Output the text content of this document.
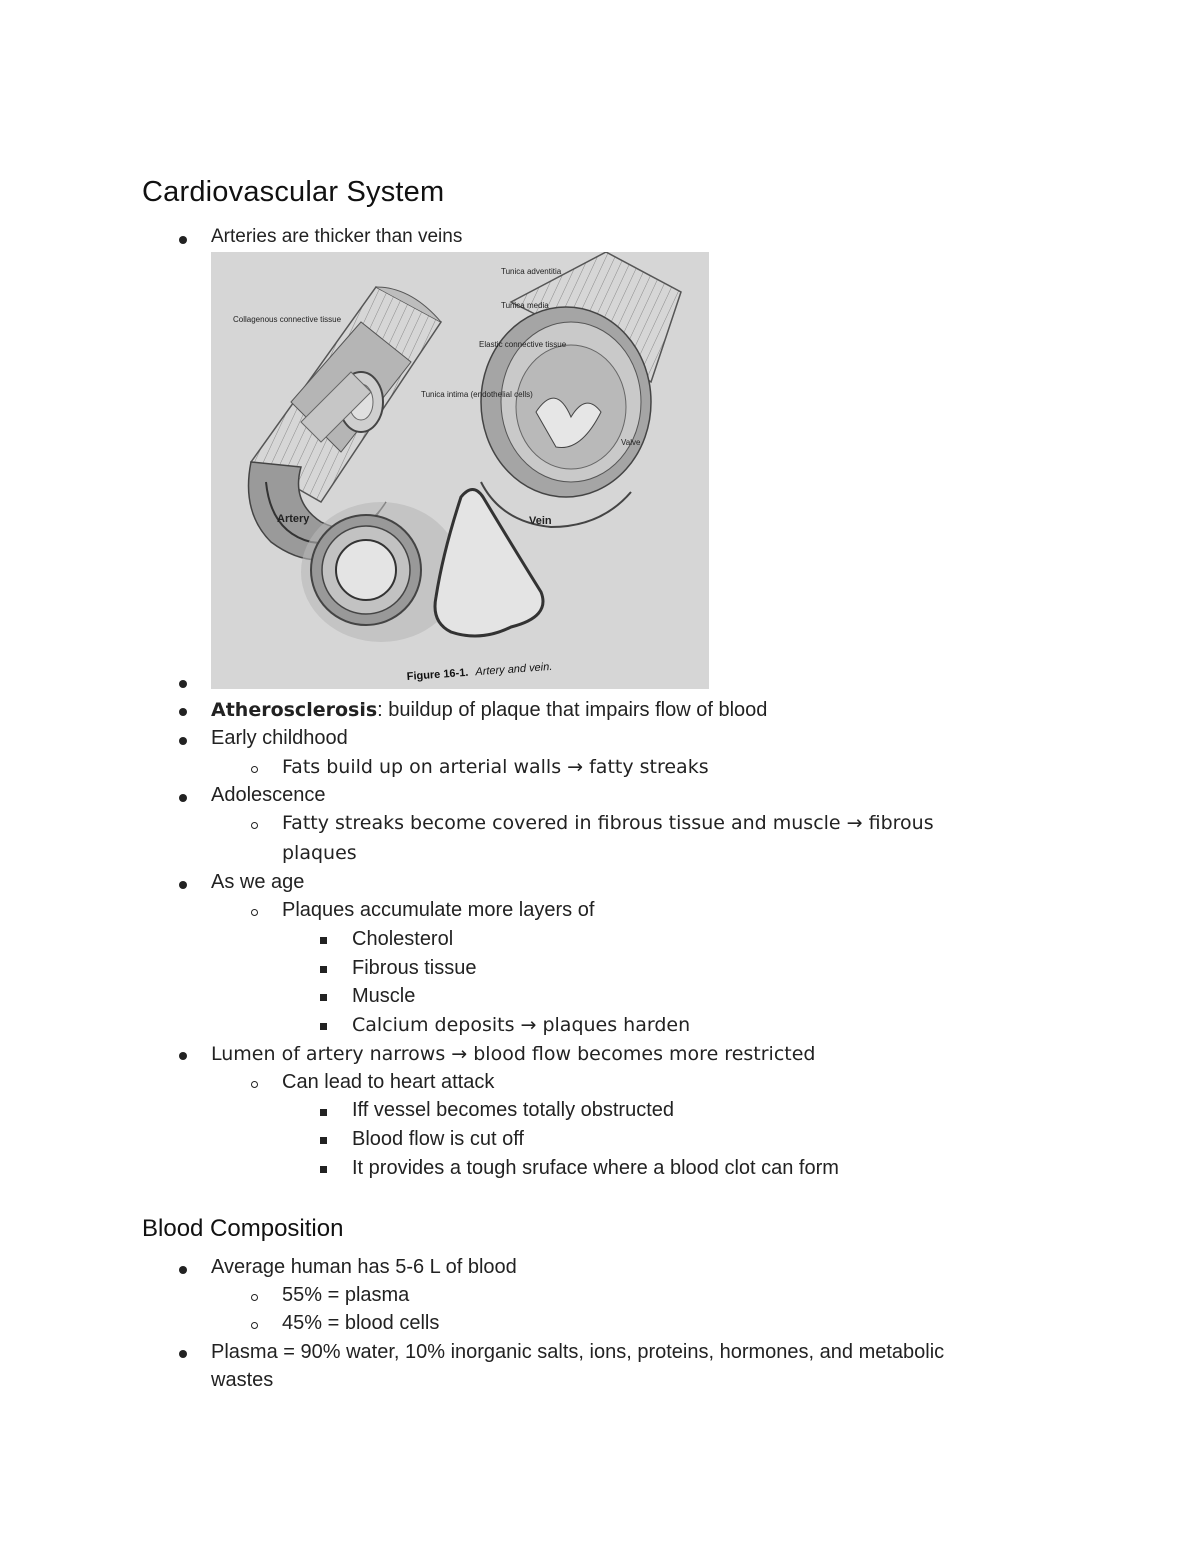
Cardiovascular System
Arteries are thicker than veins
Tunica adventitia
Tunica media
Collagenous connective tissue
Elastic connective tissue
Tunica intima (endothelial cells)
Valve
Artery	Vein
Figure 16-1. Artery and vein.
Atherosclerosis: buildup of plaque that impairs flow of blood
Early childhood
Fats build up on arterial walls → fatty streaks
Adolescence
Fatty streaks become covered in fibrous tissue and muscle → fibrous
plaques
As we age
Plaques accumulate more layers of
Cholesterol
Fibrous tissue
Muscle
Calcium deposits → plaques harden
Lumen of artery narrows → blood flow becomes more restricted
Can lead to heart attack
Iff vessel becomes totally obstructed
Blood flow is cut off
It provides a tough sruface where a blood clot can form
Blood Composition
Average human has 5-6 L of blood
55% = plasma
45% = blood cells
Plasma = 90% water, 10% inorganic salts, ions, proteins, hormones, and metabolic
wastes
